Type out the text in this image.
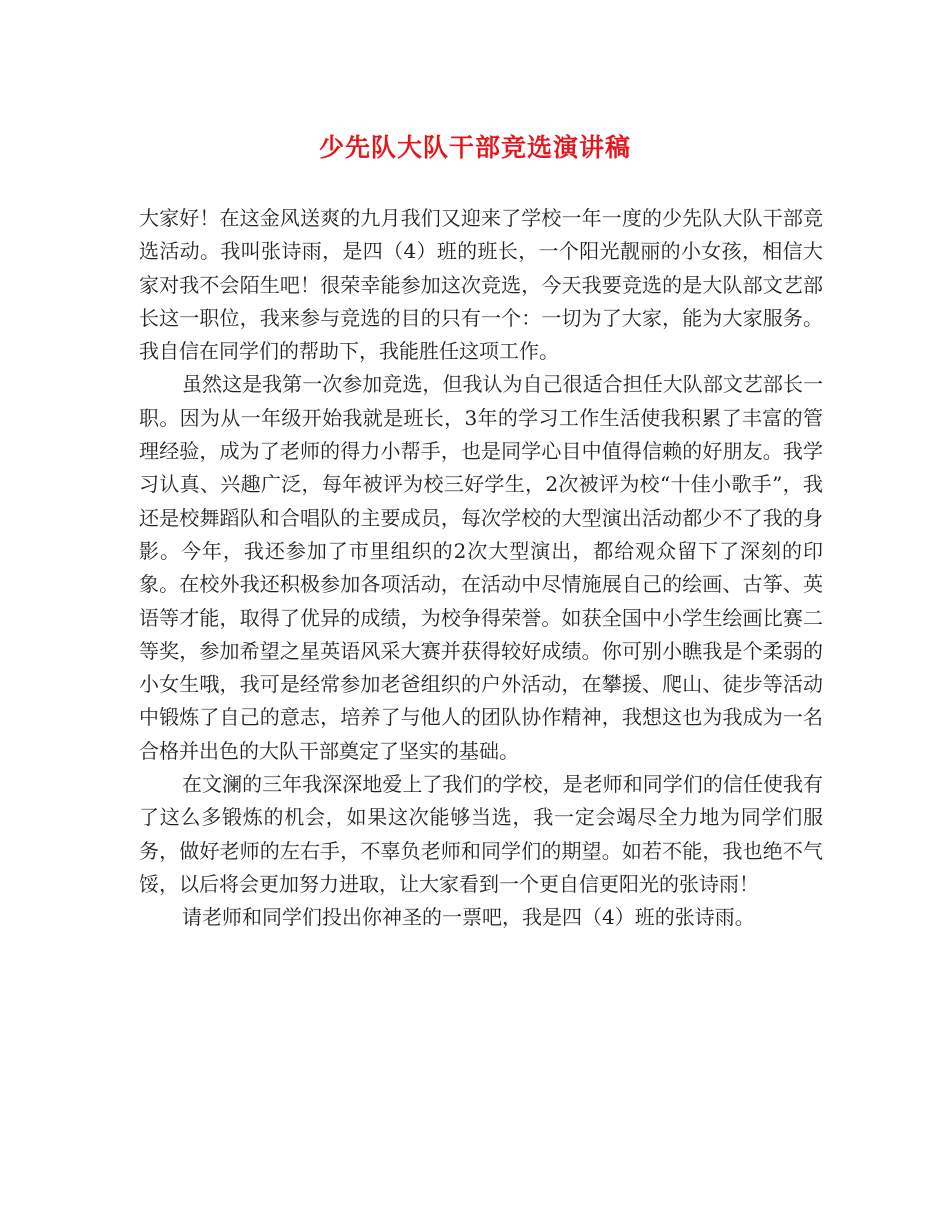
少先队大队干部竞选演讲稿

大家好！在这金风送爽的九月我们又迎来了学校一年一度的少先队大队干部竞选活动。我叫张诗雨，是四（4）班的班长，一个阳光靓丽的小女孩，相信大家对我不会陌生吧！很荣幸能参加这次竞选，今天我要竞选的是大队部文艺部长这一职位，我来参与竞选的目的只有一个：一切为了大家，能为大家服务。我自信在同学们的帮助下，我能胜任这项工作。

虽然这是我第一次参加竞选，但我认为自己很适合担任大队部文艺部长一职。因为从一年级开始我就是班长，3年的学习工作生活使我积累了丰富的管理经验，成为了老师的得力小帮手，也是同学心目中值得信赖的好朋友。我学习认真、兴趣广泛，每年被评为校三好学生，2次被评为校“十佳小歌手”，我还是校舞蹈队和合唱队的主要成员，每次学校的大型演出活动都少不了我的身影。今年，我还参加了市里组织的2次大型演出，都给观众留下了深刻的印象。在校外我还积极参加各项活动，在活动中尽情施展自己的绘画、古筝、英语等才能，取得了优异的成绩，为校争得荣誉。如获全国中小学生绘画比赛二等奖，参加希望之星英语风采大赛并获得较好成绩。你可别小瞧我是个柔弱的小女生哦，我可是经常参加老爸组织的户外活动，在攀援、爬山、徒步等活动中锻炼了自己的意志，培养了与他人的团队协作精神，我想这也为我成为一名合格并出色的大队干部奠定了坚实的基础。

在文澜的三年我深深地爱上了我们的学校，是老师和同学们的信任使我有了这么多锻炼的机会，如果这次能够当选，我一定会竭尽全力地为同学们服务，做好老师的左右手，不辜负老师和同学们的期望。如若不能，我也绝不气馁，以后将会更加努力进取，让大家看到一个更自信更阳光的张诗雨！

请老师和同学们投出你神圣的一票吧，我是四（4）班的张诗雨。
